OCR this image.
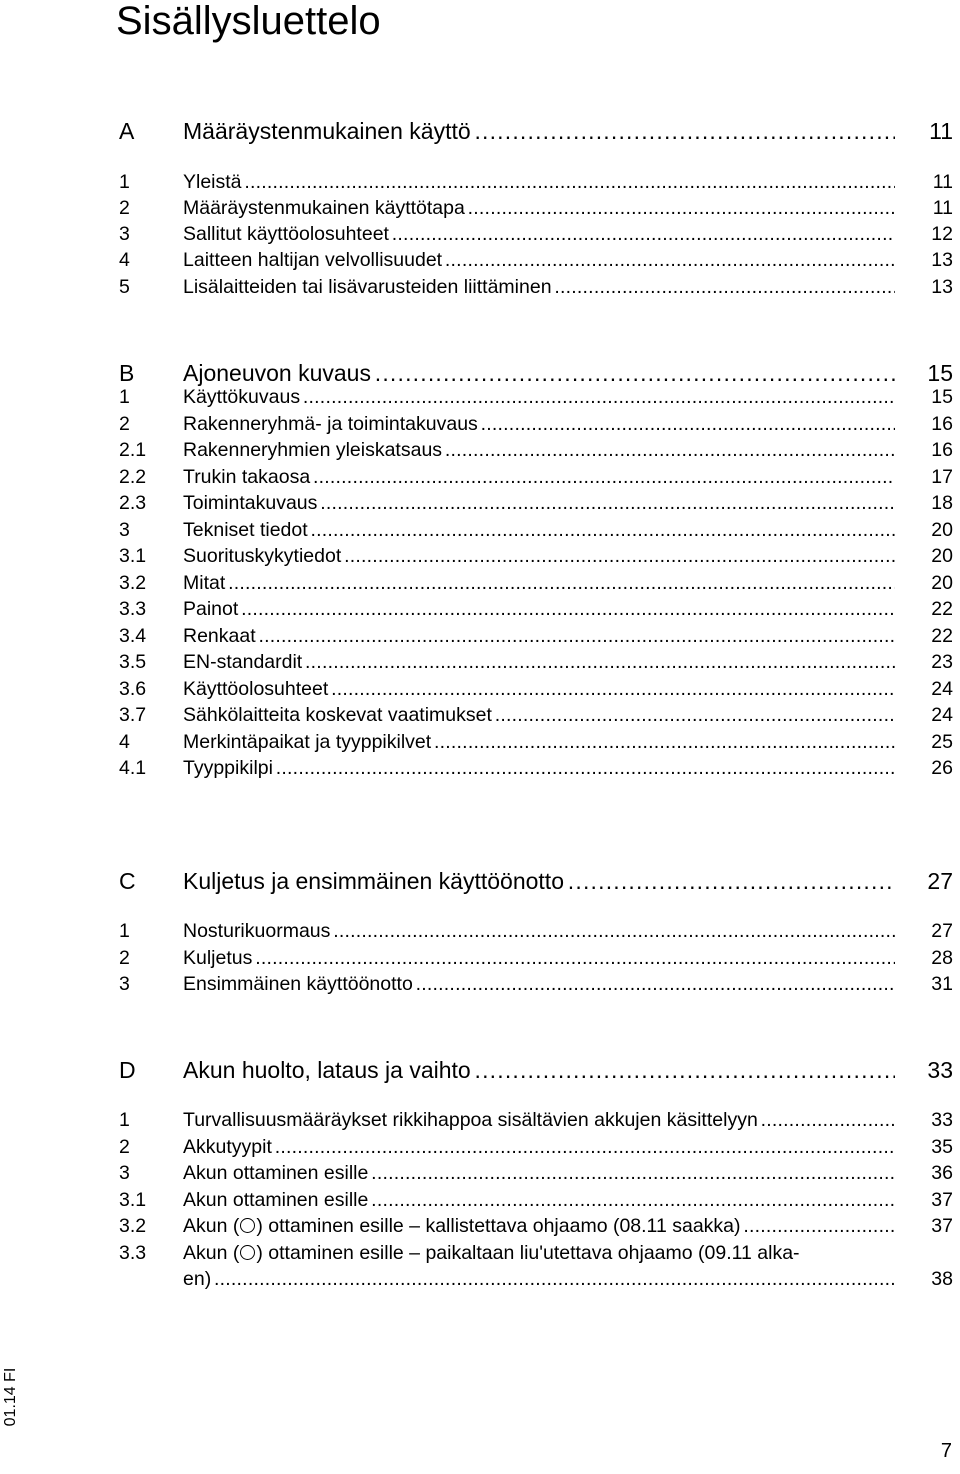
Sisällysluettelo
A	Määräystenmukainen käyttö . . .	11
1	Yleistä . . .	11
2	Määräystenmukainen käyttötapa . . .	11
3	Sallitut käyttöolosuhteet . . .	12
4	Laitteen haltijan velvollisuudet . . .	13
5	Lisälaitteiden tai lisävarusteiden liittäminen . . .	13
B	Ajoneuvon kuvaus . . .	15
1	Käyttökuvaus . . .	15
2	Rakenneryhmä- ja toimintakuvaus . . .	16
2.1	Rakenneryhmien yleiskatsaus . . .	16
2.2	Trukin takaosa . . .	17
2.3	Toimintakuvaus . . .	18
3	Tekniset tiedot . . .	20
3.1	Suorituskykytiedot . . .	20
3.2	Mitat . . .	20
3.3	Painot . . .	22
3.4	Renkaat . . .	22
3.5	EN-standardit . . .	23
3.6	Käyttöolosuhteet . . .	24
3.7	Sähkölaitteita koskevat vaatimukset . . .	24
4	Merkintäpaikat ja tyyppikilvet . . .	25
4.1	Tyyppikilpi . . .	26
C	Kuljetus ja ensimmäinen käyttöönotto . . .	27
1	Nosturikuormaus . . .	27
2	Kuljetus . . .	28
3	Ensimmäinen käyttöönotto . . .	31
D	Akun huolto, lataus ja vaihto . . .	33
1	Turvallisuusmääräykset rikkihappoa sisältävien akkujen käsittelyyn . . .	33
2	Akkutyypit . . .	35
3	Akun ottaminen esille . . .	36
3.1	Akun ottaminen esille . . .	37
3.2	Akun ( ) ottaminen esille – kallistettava ohjaamo (08.11 saakka) . . .	37
3.3	Akun ( ) ottaminen esille – paikaltaan liu'utettava ohjaamo (09.11 alka-
en) . . .	38
01.14 FI
7
